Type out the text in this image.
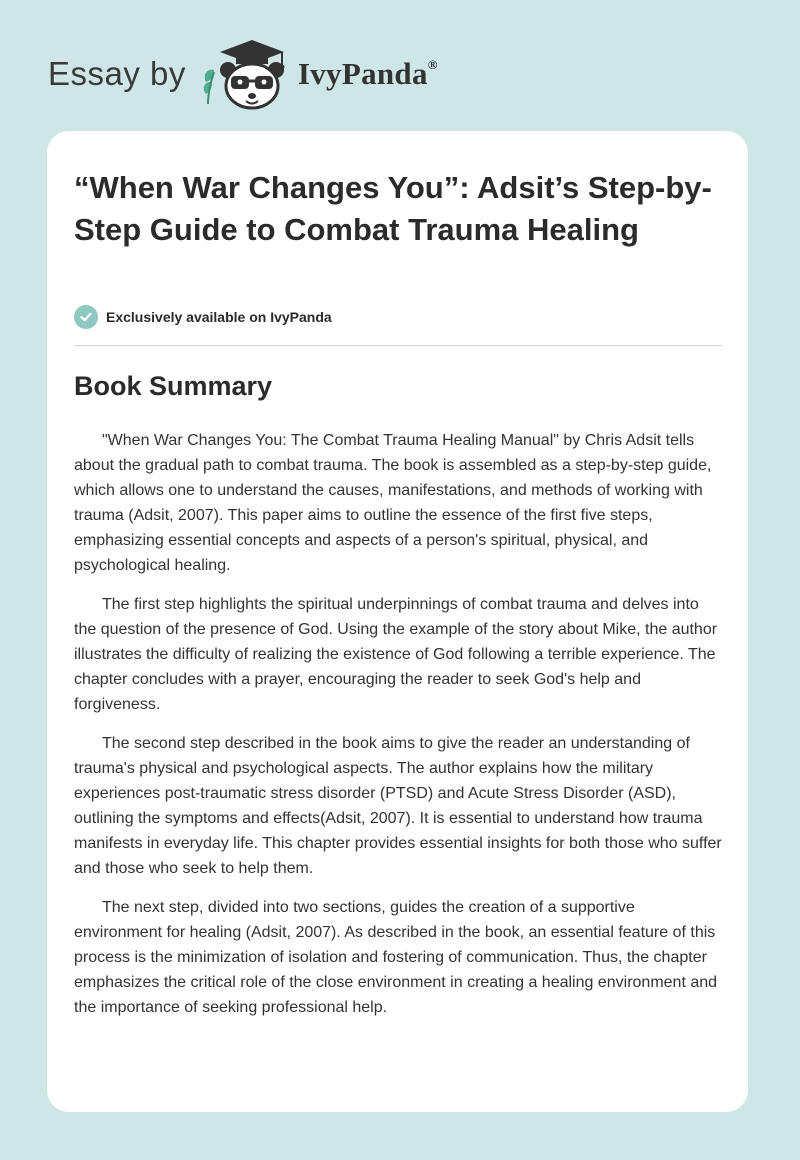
Essay by	IvyPanda®
“When War Changes You”: Adsit’s Step-by-Step Guide to Combat Trauma Healing
Exclusively available on IvyPanda
Book Summary

"When War Changes You: The Combat Trauma Healing Manual" by Chris Adsit tells about the gradual path to combat trauma. The book is assembled as a step-by-step guide, which allows one to understand the causes, manifestations, and methods of working with trauma (Adsit, 2007). This paper aims to outline the essence of the first five steps, emphasizing essential concepts and aspects of a person's spiritual, physical, and psychological healing.

The first step highlights the spiritual underpinnings of combat trauma and delves into the question of the presence of God. Using the example of the story about Mike, the author illustrates the difficulty of realizing the existence of God following a terrible experience. The chapter concludes with a prayer, encouraging the reader to seek God's help and forgiveness.

The second step described in the book aims to give the reader an understanding of trauma's physical and psychological aspects. The author explains how the military experiences post-traumatic stress disorder (PTSD) and Acute Stress Disorder (ASD), outlining the symptoms and effects(Adsit, 2007). It is essential to understand how trauma manifests in everyday life. This chapter provides essential insights for both those who suffer and those who seek to help them.

The next step, divided into two sections, guides the creation of a supportive environment for healing (Adsit, 2007). As described in the book, an essential feature of this process is the minimization of isolation and fostering of communication. Thus, the chapter emphasizes the critical role of the close environment in creating a healing environment and the importance of seeking professional help.
